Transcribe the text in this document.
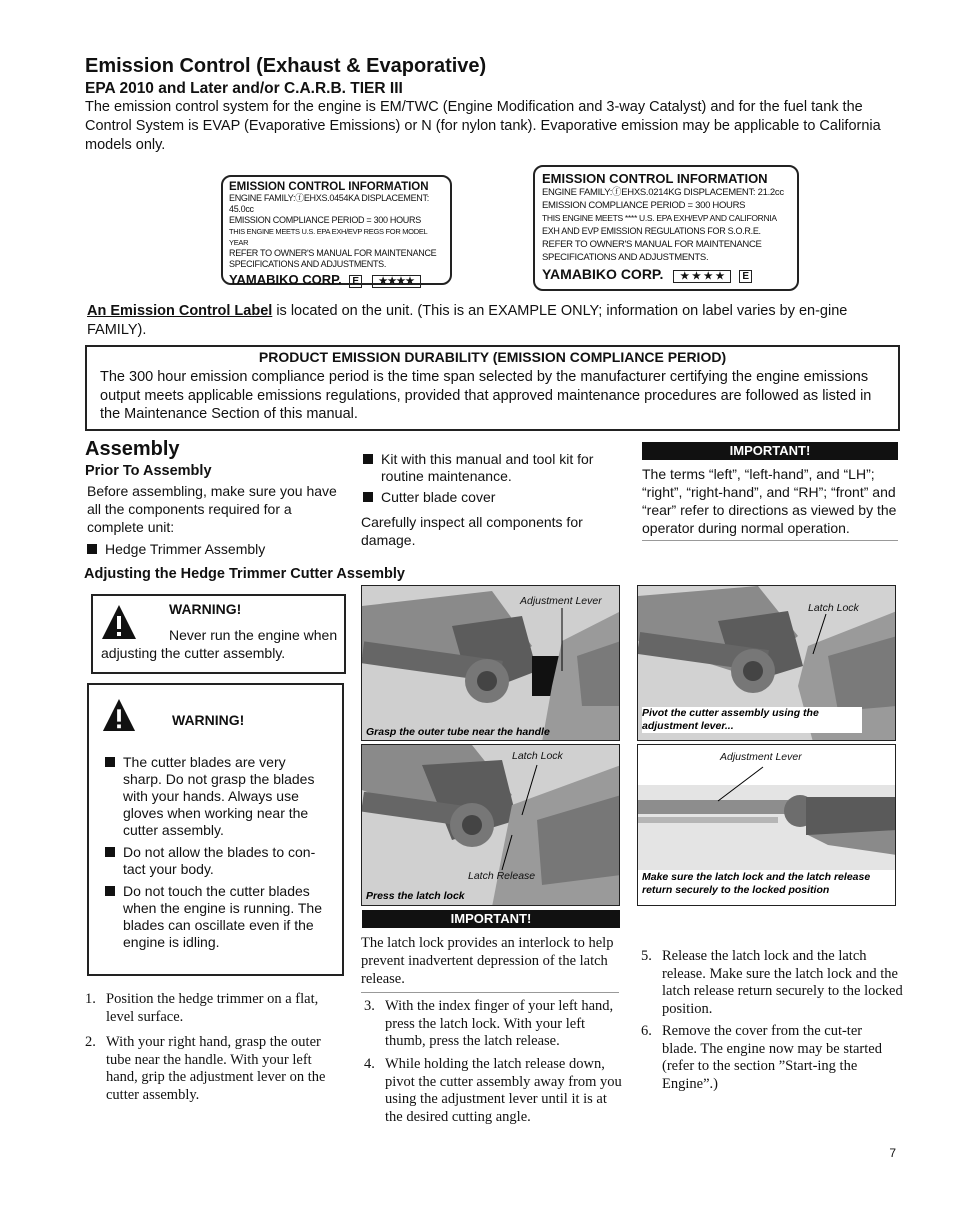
Emission Control (Exhaust & Evaporative)
EPA 2010 and Later and/or C.A.R.B. TIER III
The emission control system for the engine is EM/TWC (Engine Modification and 3-way Catalyst) and for the fuel tank the Control System is EVAP (Evaporative Emissions) or N (for nylon tank). Evaporative emission may be applicable to California models only.
EMISSION CONTROL INFORMATION
ENGINE FAMILY:ⓕEHXS.0454KA DISPLACEMENT: 45.0cc
EMISSION COMPLIANCE PERIOD = 300 HOURS
THIS ENGINE MEETS U.S. EPA EXH/EVP REGS FOR MODEL YEAR
REFER TO OWNER'S MANUAL FOR MAINTENANCE
SPECIFICATIONS AND ADJUSTMENTS.
YAMABIKO CORP. E ★★★★
EMISSION CONTROL INFORMATION
ENGINE FAMILY:ⓕEHXS.0214KG DISPLACEMENT: 21.2cc
EMISSION COMPLIANCE PERIOD = 300 HOURS
THIS ENGINE MEETS **** U.S. EPA EXH/EVP AND CALIFORNIA
EXH AND EVP EMISSION REGULATIONS FOR S.O.R.E.
REFER TO OWNER'S MANUAL FOR MAINTENANCE
SPECIFICATIONS AND ADJUSTMENTS.
YAMABIKO CORP. ★ ★ ★ ★ E
An Emission Control Label is located on the unit. (This is an EXAMPLE ONLY; information on label varies by en-gine FAMILY).
PRODUCT EMISSION DURABILITY (EMISSION COMPLIANCE PERIOD)
The 300 hour emission compliance period is the time span selected by the manufacturer certifying the engine emissions output meets applicable emissions regulations, provided that approved maintenance procedures are followed as listed in the Maintenance Section of this manual.
Assembly
Prior To Assembly
Before assembling, make sure you have all the components required for a complete unit:
Hedge Trimmer Assembly
Kit with this manual and tool kit for routine maintenance.
Cutter blade cover
Carefully inspect all components for damage.
IMPORTANT!
The terms “left”, “left-hand”, and “LH”; “right”, “right-hand”, and “RH”; “front” and “rear” refer to directions as viewed by the operator during normal operation.
Adjusting the Hedge Trimmer Cutter Assembly
WARNING!
Never run the engine when adjusting the cutter assembly.
WARNING!
The cutter blades are very sharp. Do not grasp the blades with your hands. Always use gloves when working near the cutter assembly.
Do not allow the blades to con-tact your body.
Do not touch the cutter blades when the engine is running. The blades can oscillate even if the engine is idling.
Adjustment Lever
Grasp the outer tube near the handle
Latch Lock
Pivot the cutter assembly using the adjustment lever...
Latch Lock
Latch Release
Press the latch lock
Adjustment Lever
Make sure the latch lock and the latch release return securely to the locked position
IMPORTANT!
The latch lock provides an interlock to help prevent inadvertent depression of the latch release.
1. Position the hedge trimmer on a flat, level surface.
2. With your right hand, grasp the outer tube near the handle. With your left hand, grip the adjustment lever on the cutter assembly.
3. With the index finger of your left hand, press the latch lock. With your left thumb, press the latch release.
4. While holding the latch release down, pivot the cutter assembly away from you using the adjustment lever until it is at the desired cutting angle.
5. Release the latch lock and the latch release. Make sure the latch lock and the latch release return securely to the locked position.
6. Remove the cover from the cut-ter blade. The engine now may be started (refer to the section ”Start-ing the Engine”.)
7
